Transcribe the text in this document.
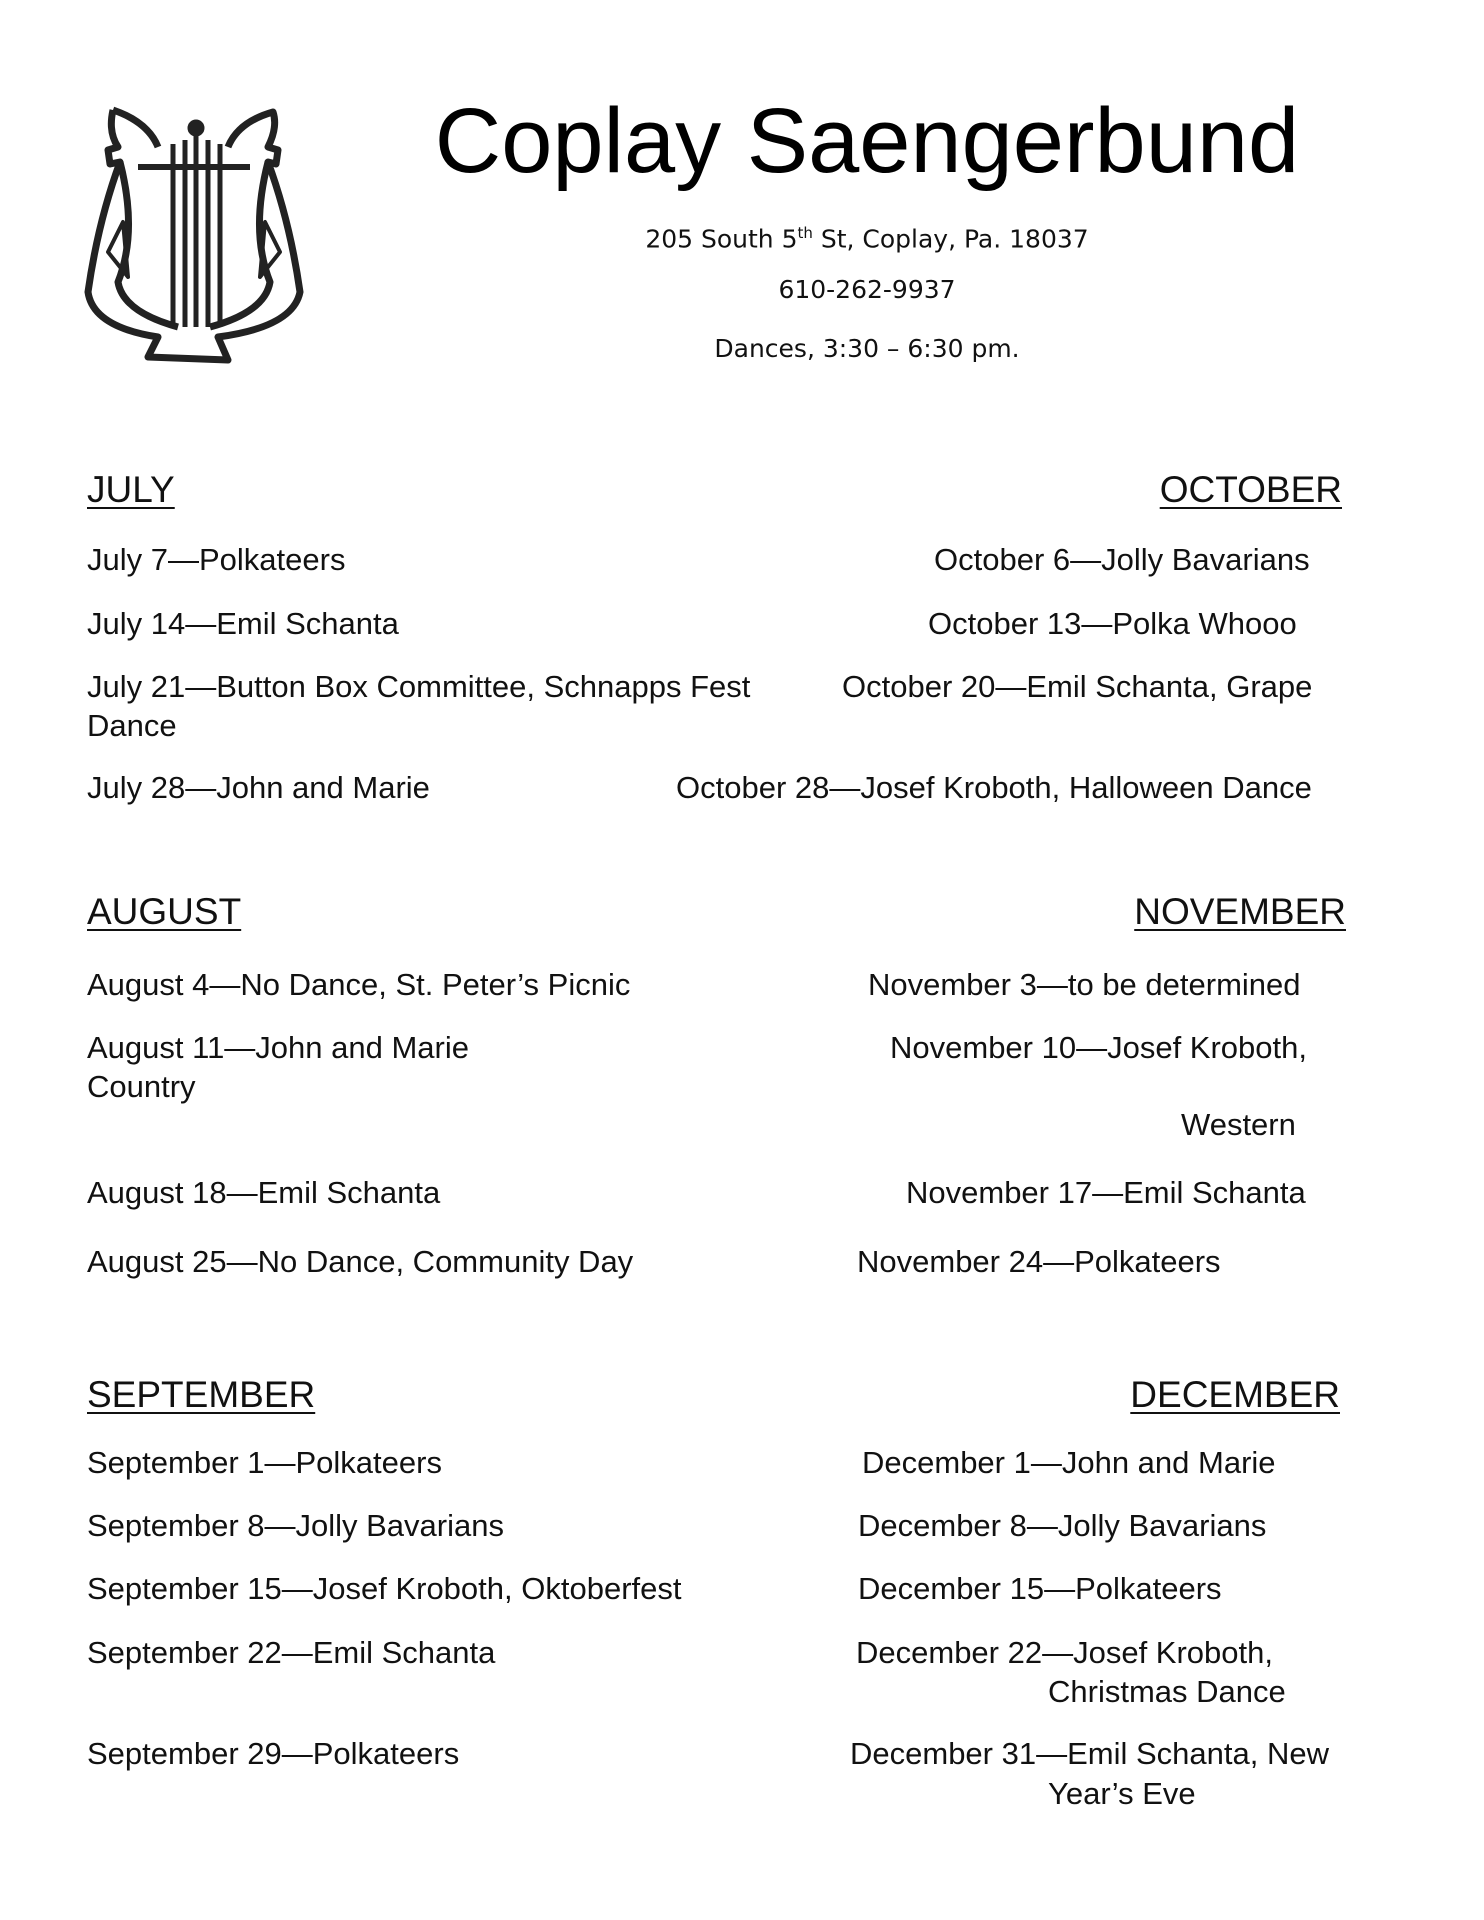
Coplay Saengerbund
205 South 5th St, Coplay, Pa. 18037
610-262-9937
Dances, 3:30 – 6:30 pm.
JULY
July 7—Polkateers
July 14—Emil Schanta
July 21—Button Box Committee, Schnapps Fest
Dance
July 28—John and Marie
AUGUST
August 4—No Dance, St. Peter’s Picnic
August 11—John and Marie
Country
August 18—Emil Schanta
August 25—No Dance, Community Day
SEPTEMBER
September 1—Polkateers
September 8—Jolly Bavarians
September 15—Josef Kroboth, Oktoberfest
September 22—Emil Schanta
September 29—Polkateers
OCTOBER
October 6—Jolly Bavarians
October 13—Polka Whooo
October 20—Emil Schanta, Grape
October 28—Josef Kroboth, Halloween Dance
NOVEMBER
November 3—to be determined
November 10—Josef Kroboth,
Western
November 17—Emil Schanta
November 24—Polkateers
DECEMBER
December 1—John and Marie
December 8—Jolly Bavarians
December 15—Polkateers
December 22—Josef Kroboth,
Christmas Dance
December 31—Emil Schanta, New
Year’s Eve
